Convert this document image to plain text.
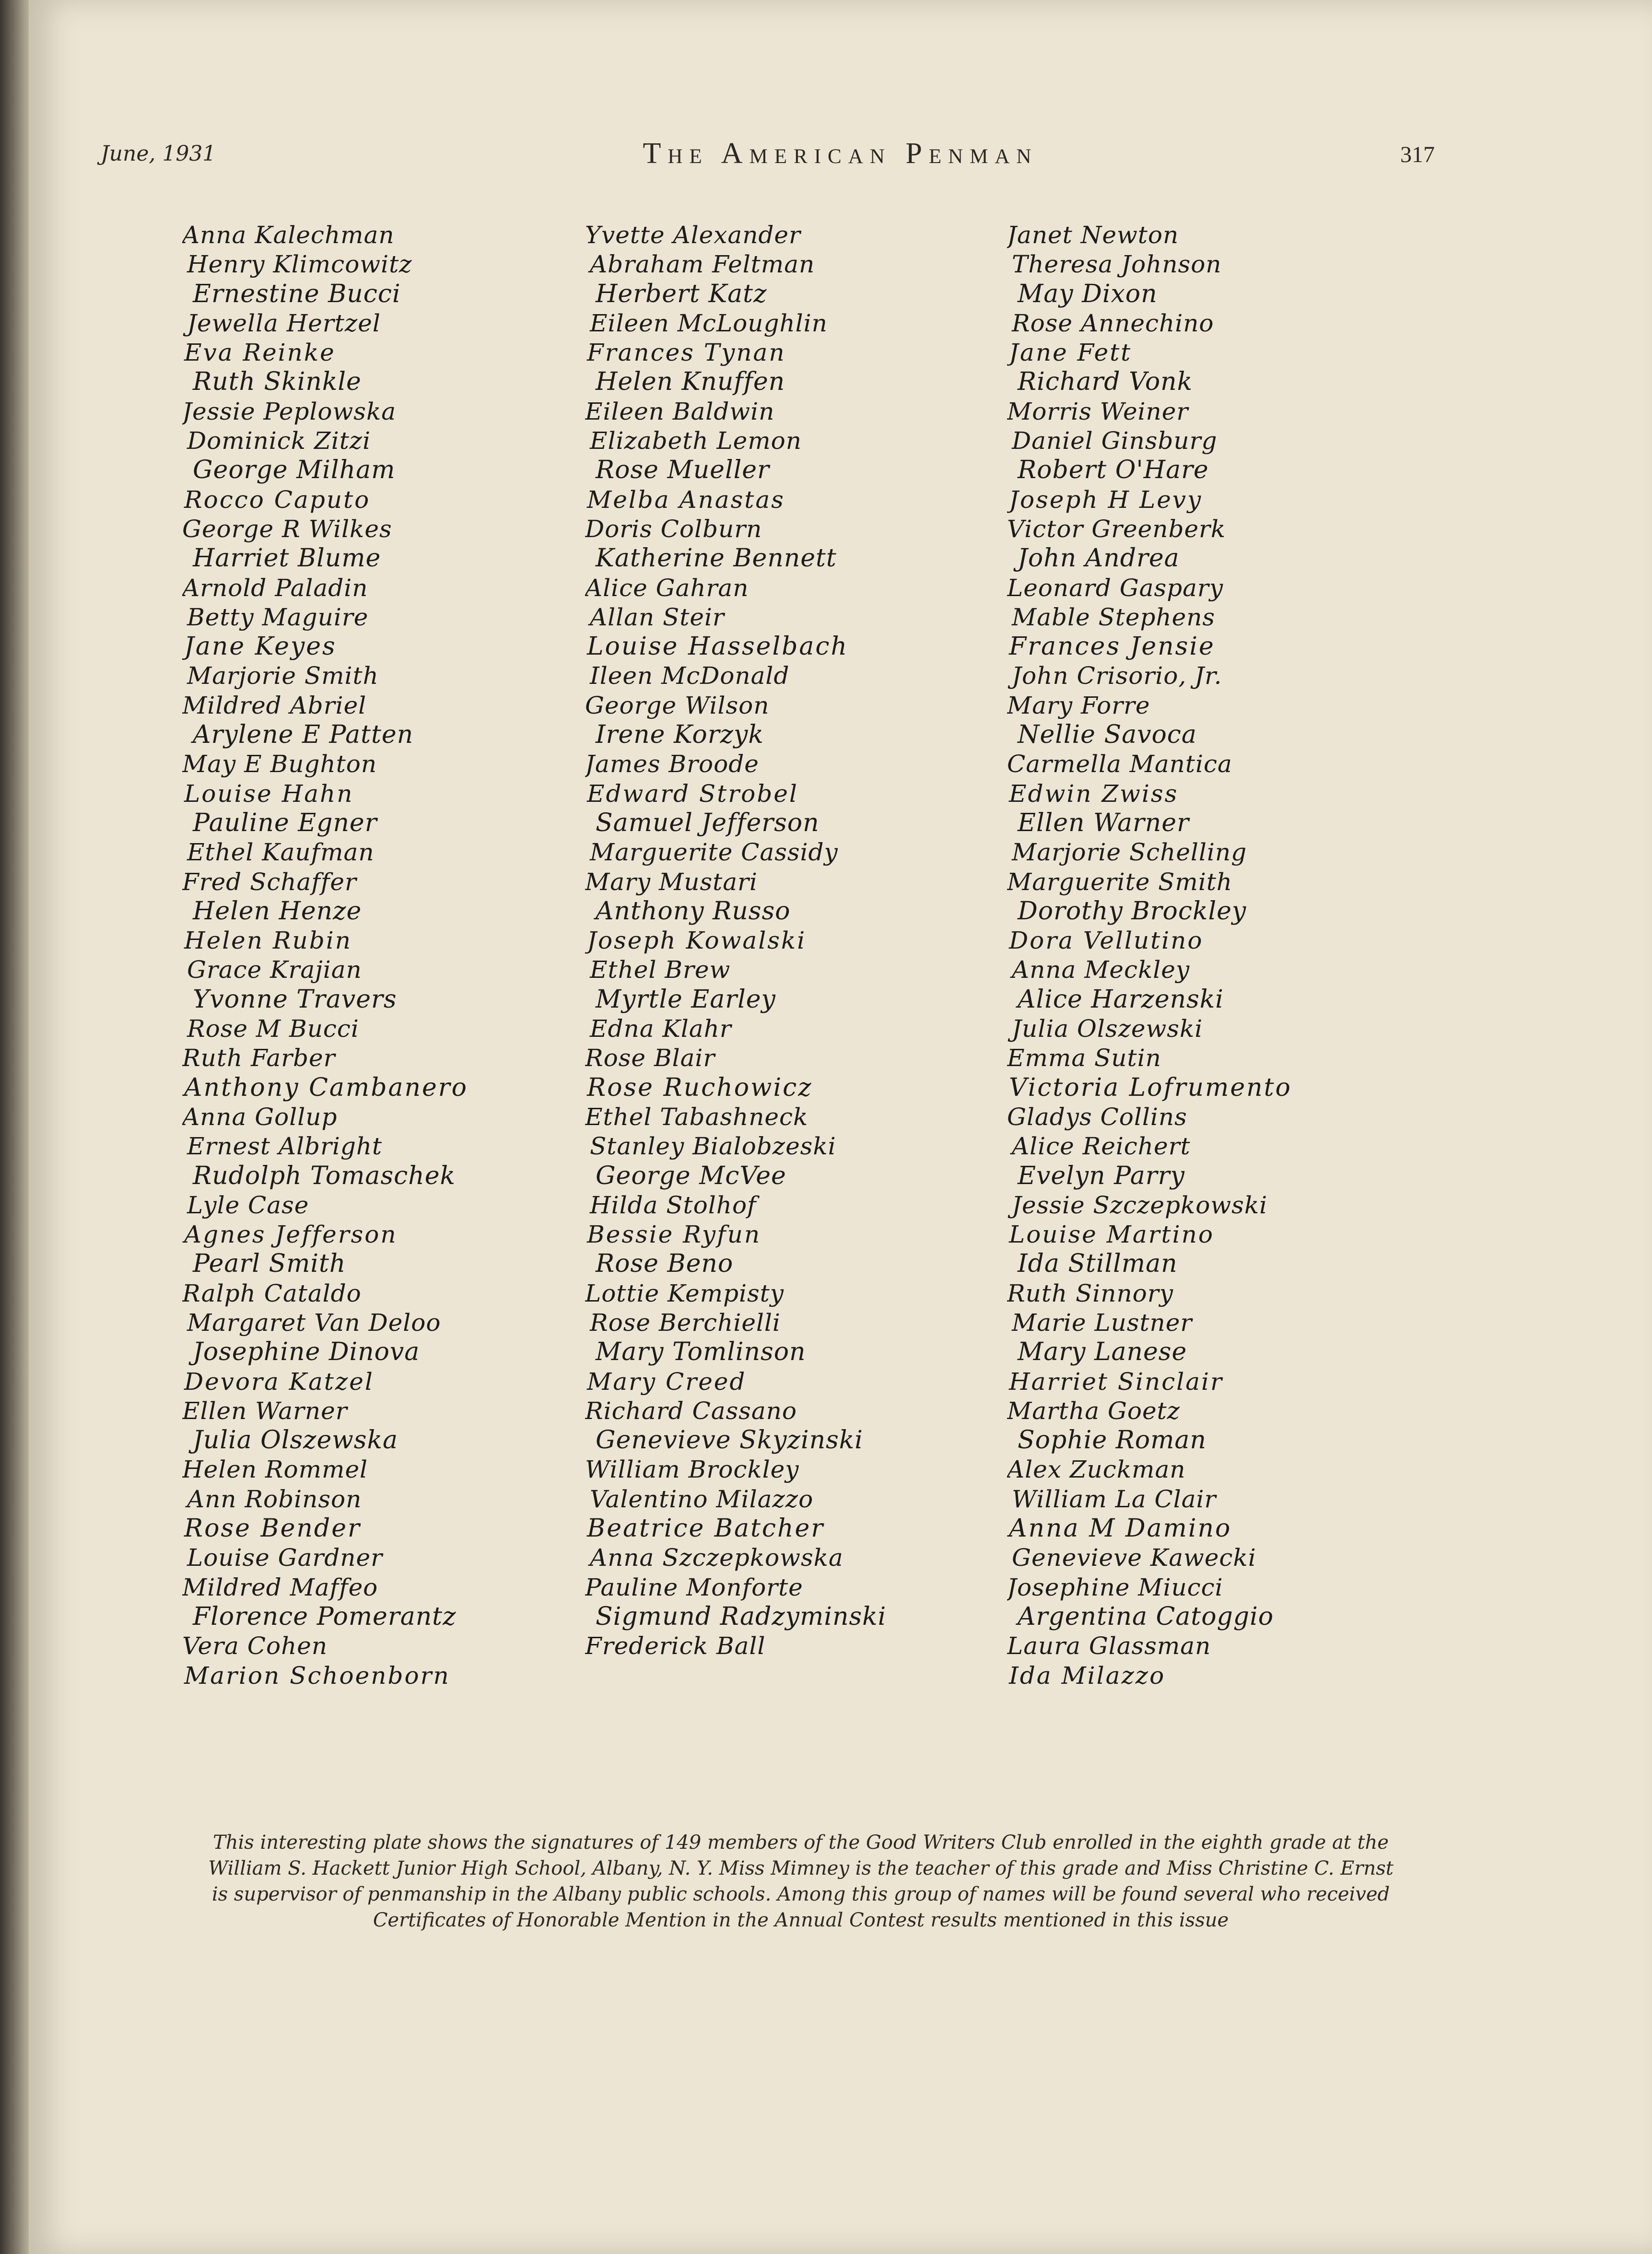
June, 1931	The American Penman	317
Anna Kalechman
Henry Klimcowitz
Ernestine Bucci
Jewella Hertzel
Eva Reinke
Ruth Skinkle
Jessie Peplowska
Dominick Zitzi
George Milham
Rocco Caputo
George R Wilkes
Harriet Blume
Arnold Paladin
Betty Maguire
Jane Keyes
Marjorie Smith
Mildred Abriel
Arylene E Patten
May E Bughton
Louise Hahn
Pauline Egner
Ethel Kaufman
Fred Schaffer
Helen Henze
Helen Rubin
Grace Krajian
Yvonne Travers
Rose M Bucci
Ruth Farber
Anthony Cambanero
Anna Gollup
Ernest Albright
Rudolph Tomaschek
Lyle Case
Agnes Jefferson
Pearl Smith
Ralph Cataldo
Margaret Van Deloo
Josephine Dinova
Devora Katzel
Ellen Warner
Julia Olszewska
Helen Rommel
Ann Robinson
Rose Bender
Louise Gardner
Mildred Maffeo
Florence Pomerantz
Vera Cohen
Marion Schoenborn
Yvette Alexander
Abraham Feltman
Herbert Katz
Eileen McLoughlin
Frances Tynan
Helen Knuffen
Eileen Baldwin
Elizabeth Lemon
Rose Mueller
Melba Anastas
Doris Colburn
Katherine Bennett
Alice Gahran
Allan Steir
Louise Hasselbach
Ileen McDonald
George Wilson
Irene Korzyk
James Broode
Edward Strobel
Samuel Jefferson
Marguerite Cassidy
Mary Mustari
Anthony Russo
Joseph Kowalski
Ethel Brew
Myrtle Earley
Edna Klahr
Rose Blair
Rose Ruchowicz
Ethel Tabashneck
Stanley Bialobzeski
George McVee
Hilda Stolhof
Bessie Ryfun
Rose Beno
Lottie Kempisty
Rose Berchielli
Mary Tomlinson
Mary Creed
Richard Cassano
Genevieve Skyzinski
William Brockley
Valentino Milazzo
Beatrice Batcher
Anna Szczepkowska
Pauline Monforte
Sigmund Radzyminski
Frederick Ball
Janet Newton
Theresa Johnson
May Dixon
Rose Annechino
Jane Fett
Richard Vonk
Morris Weiner
Daniel Ginsburg
Robert O'Hare
Joseph H Levy
Victor Greenberk
John Andrea
Leonard Gaspary
Mable Stephens
Frances Jensie
John Crisorio, Jr.
Mary Forre
Nellie Savoca
Carmella Mantica
Edwin Zwiss
Ellen Warner
Marjorie Schelling
Marguerite Smith
Dorothy Brockley
Dora Vellutino
Anna Meckley
Alice Harzenski
Julia Olszewski
Emma Sutin
Victoria Lofrumento
Gladys Collins
Alice Reichert
Evelyn Parry
Jessie Szczepkowski
Louise Martino
Ida Stillman
Ruth Sinnory
Marie Lustner
Mary Lanese
Harriet Sinclair
Martha Goetz
Sophie Roman
Alex Zuckman
William La Clair
Anna M Damino
Genevieve Kawecki
Josephine Miucci
Argentina Catoggio
Laura Glassman
Ida Milazzo
This interesting plate shows the signatures of 149 members of the Good Writers Club enrolled in the eighth grade at the William S. Hackett Junior High School, Albany, N. Y. Miss Mimney is the teacher of this grade and Miss Christine C. Ernst is supervisor of penmanship in the Albany public schools. Among this group of names will be found several who received Certificates of Honorable Mention in the Annual Contest results mentioned in this issue
